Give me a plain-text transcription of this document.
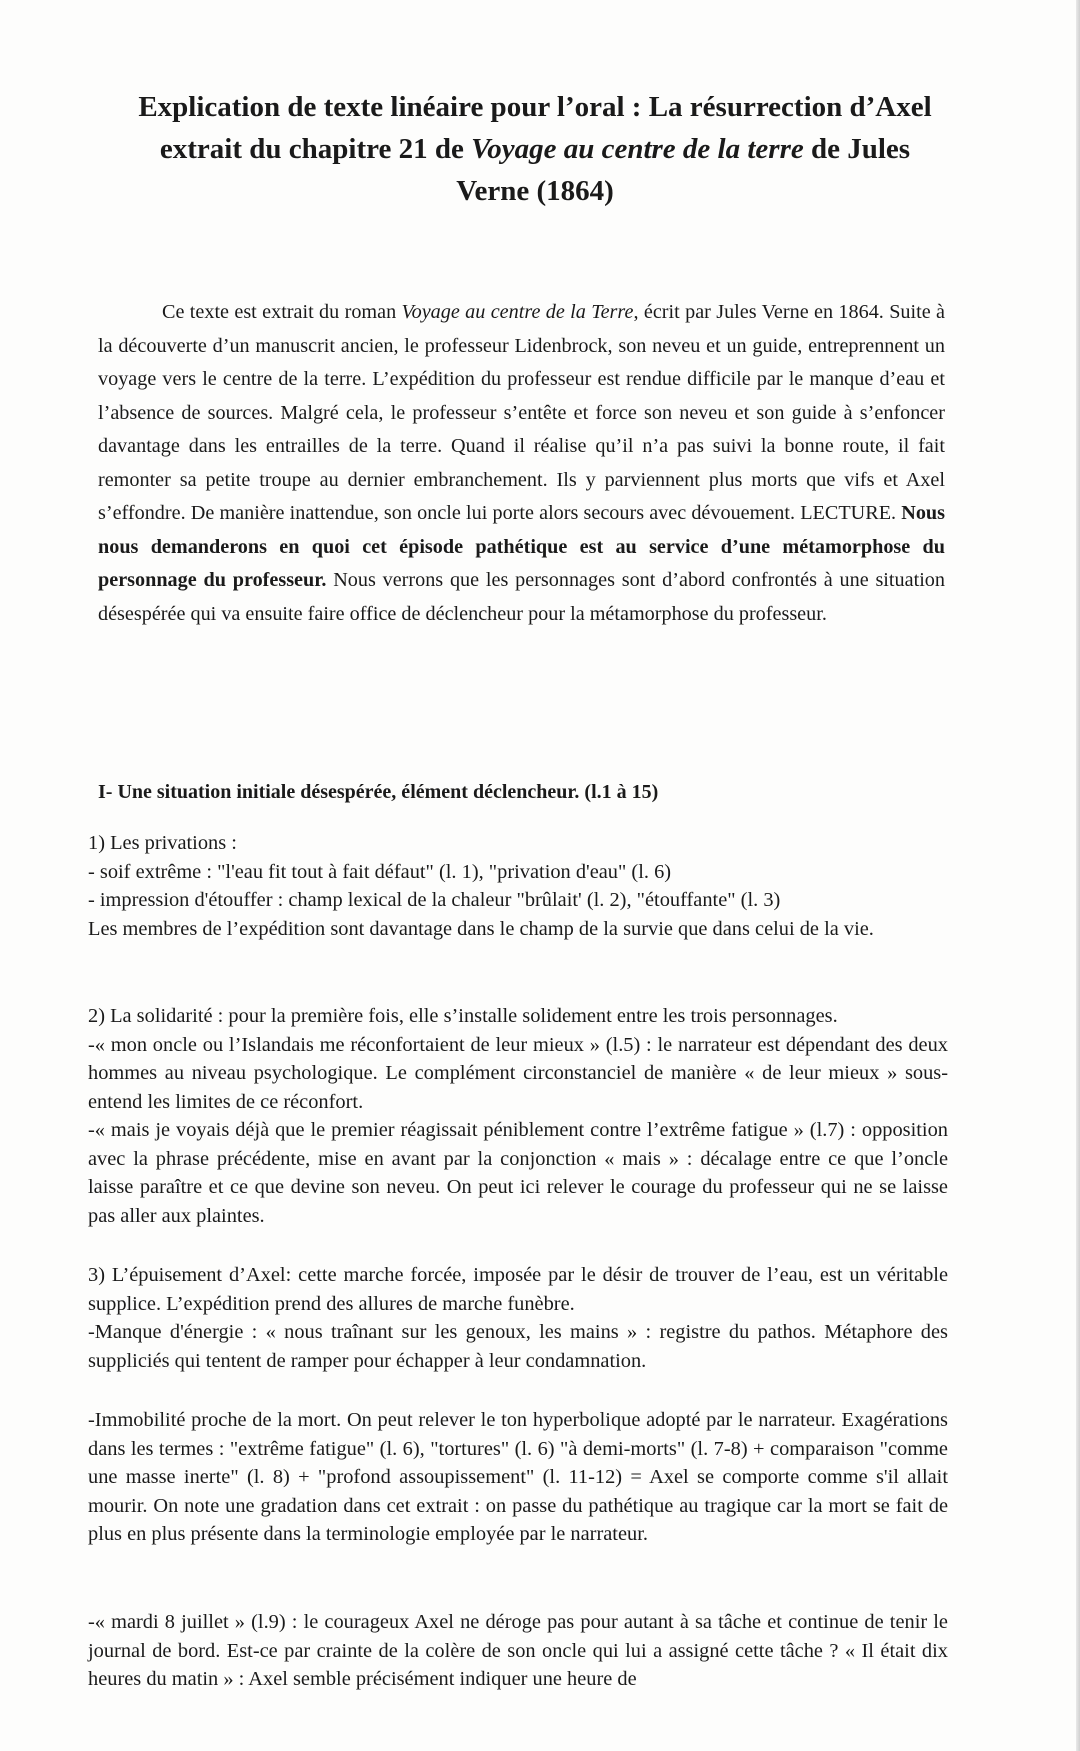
Explication de texte linéaire pour l’oral : La résurrection d’Axel
extrait du chapitre 21 de Voyage au centre de la terre de Jules
Verne (1864)

Ce texte est extrait du roman Voyage au centre de la Terre, écrit par Jules Verne en 1864. Suite à la découverte d’un manuscrit ancien, le professeur Lidenbrock, son neveu et un guide, entreprennent un voyage vers le centre de la terre. L’expédition du professeur est rendue difficile par le manque d’eau et l’absence de sources. Malgré cela, le professeur s’entête et force son neveu et son guide à s’enfoncer davantage dans les entrailles de la terre. Quand il réalise qu’il n’a pas suivi la bonne route, il fait remonter sa petite troupe au dernier embranchement. Ils y parviennent plus morts que vifs et Axel s’effondre. De manière inattendue, son oncle lui porte alors secours avec dévouement. LECTURE. Nous nous demanderons en quoi cet épisode pathétique est au service d’une métamorphose du personnage du professeur. Nous verrons que les personnages sont d’abord confrontés à une situation désespérée qui va ensuite faire office de déclencheur pour la métamorphose du professeur.

I- Une situation initiale désespérée, élément déclencheur. (l.1 à 15)

1) Les privations :

- soif extrême : "l'eau fit tout à fait défaut" (l. 1), "privation d'eau" (l. 6)

- impression d'étouffer : champ lexical de la chaleur "brûlait' (l. 2), "étouffante" (l. 3)

Les membres de l’expédition sont davantage dans le champ de la survie que dans celui de la vie.

2) La solidarité : pour la première fois, elle s’installe solidement entre les trois personnages.

-« mon oncle ou l’Islandais me réconfortaient de leur mieux » (l.5) : le narrateur est dépendant des deux hommes au niveau psychologique. Le complément circonstanciel de manière « de leur mieux » sous-entend les limites de ce réconfort.

-« mais je voyais déjà que le premier réagissait péniblement contre l’extrême fatigue » (l.7) : opposition avec la phrase précédente, mise en avant par la conjonction « mais » : décalage entre ce que l’oncle laisse paraître et ce que devine son neveu. On peut ici relever le courage du professeur qui ne se laisse pas aller aux plaintes.

3) L’épuisement d’Axel: cette marche forcée, imposée par le désir de trouver de l’eau, est un véritable supplice. L’expédition prend des allures de marche funèbre.

-Manque d'énergie : « nous traînant sur les genoux, les mains » : registre du pathos. Métaphore des suppliciés qui tentent de ramper pour échapper à leur condamnation.

-Immobilité proche de la mort. On peut relever le ton hyperbolique adopté par le narrateur. Exagérations dans les termes : "extrême fatigue" (l. 6), "tortures" (l. 6) "à demi-morts" (l. 7-8) + comparaison "comme une masse inerte" (l. 8) + "profond assoupissement" (l. 11-12) = Axel se comporte comme s'il allait mourir. On note une gradation dans cet extrait : on passe du pathétique au tragique car la mort se fait de plus en plus présente dans la terminologie employée par le narrateur.

-« mardi 8 juillet » (l.9) : le courageux Axel ne déroge pas pour autant à sa tâche et continue de tenir le journal de bord. Est-ce par crainte de la colère de son oncle qui lui a assigné cette tâche ? « Il était dix heures du matin » : Axel semble précisément indiquer une heure de
